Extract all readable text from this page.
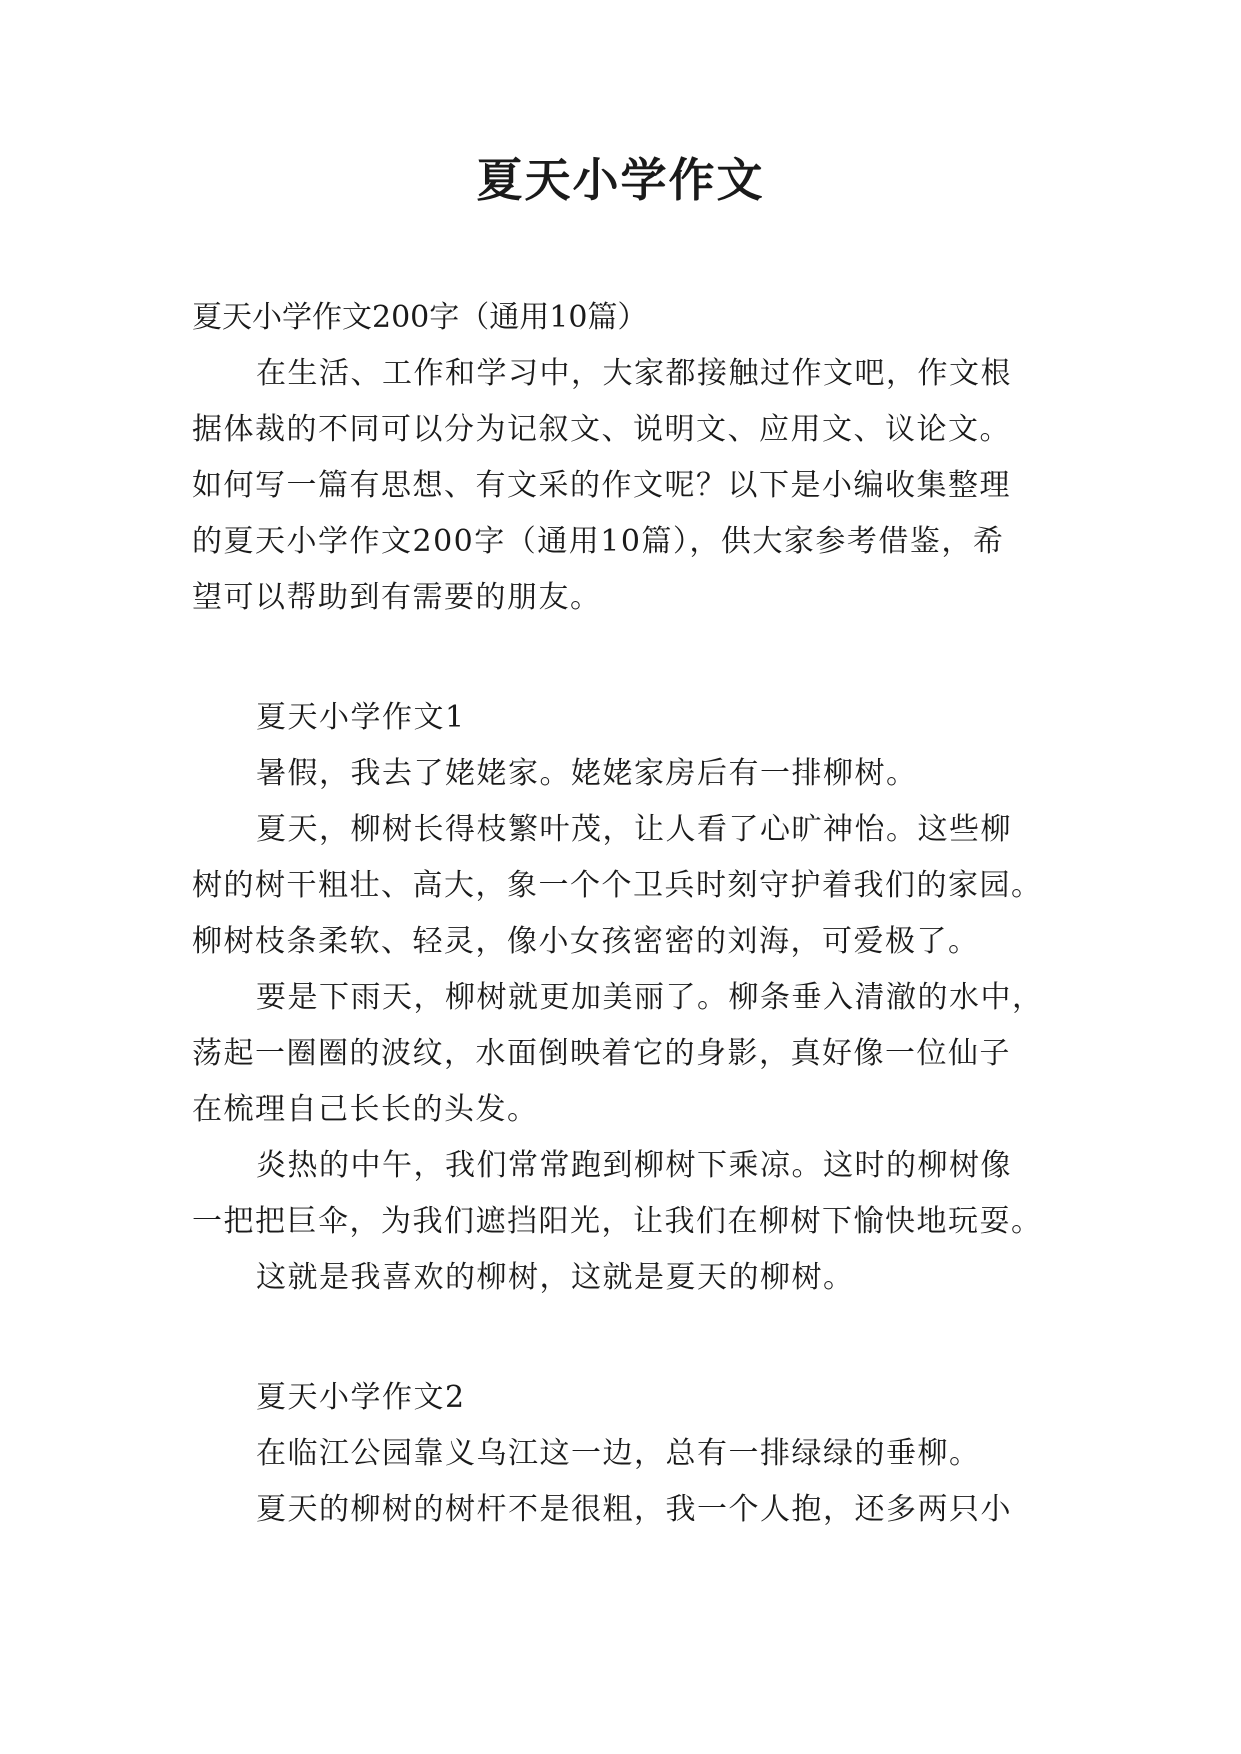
夏天小学作文
夏天小学作文200字（通用10篇）
在生活、工作和学习中，大家都接触过作文吧，作文根
据体裁的不同可以分为记叙文、说明文、应用文、议论文。
如何写一篇有思想、有文采的作文呢？以下是小编收集整理
的夏天小学作文200字（通用10篇），供大家参考借鉴，希
望可以帮助到有需要的朋友。
夏天小学作文1
暑假，我去了姥姥家。姥姥家房后有一排柳树。
夏天，柳树长得枝繁叶茂，让人看了心旷神怡。这些柳
树的树干粗壮、高大，象一个个卫兵时刻守护着我们的家园。
柳树枝条柔软、轻灵，像小女孩密密的刘海，可爱极了。
要是下雨天，柳树就更加美丽了。柳条垂入清澈的水中，
荡起一圈圈的波纹，水面倒映着它的身影，真好像一位仙子
在梳理自己长长的头发。
炎热的中午，我们常常跑到柳树下乘凉。这时的柳树像
一把把巨伞，为我们遮挡阳光，让我们在柳树下愉快地玩耍。
这就是我喜欢的柳树，这就是夏天的柳树。
夏天小学作文2
在临江公园靠义乌江这一边，总有一排绿绿的垂柳。
夏天的柳树的树杆不是很粗，我一个人抱，还多两只小
